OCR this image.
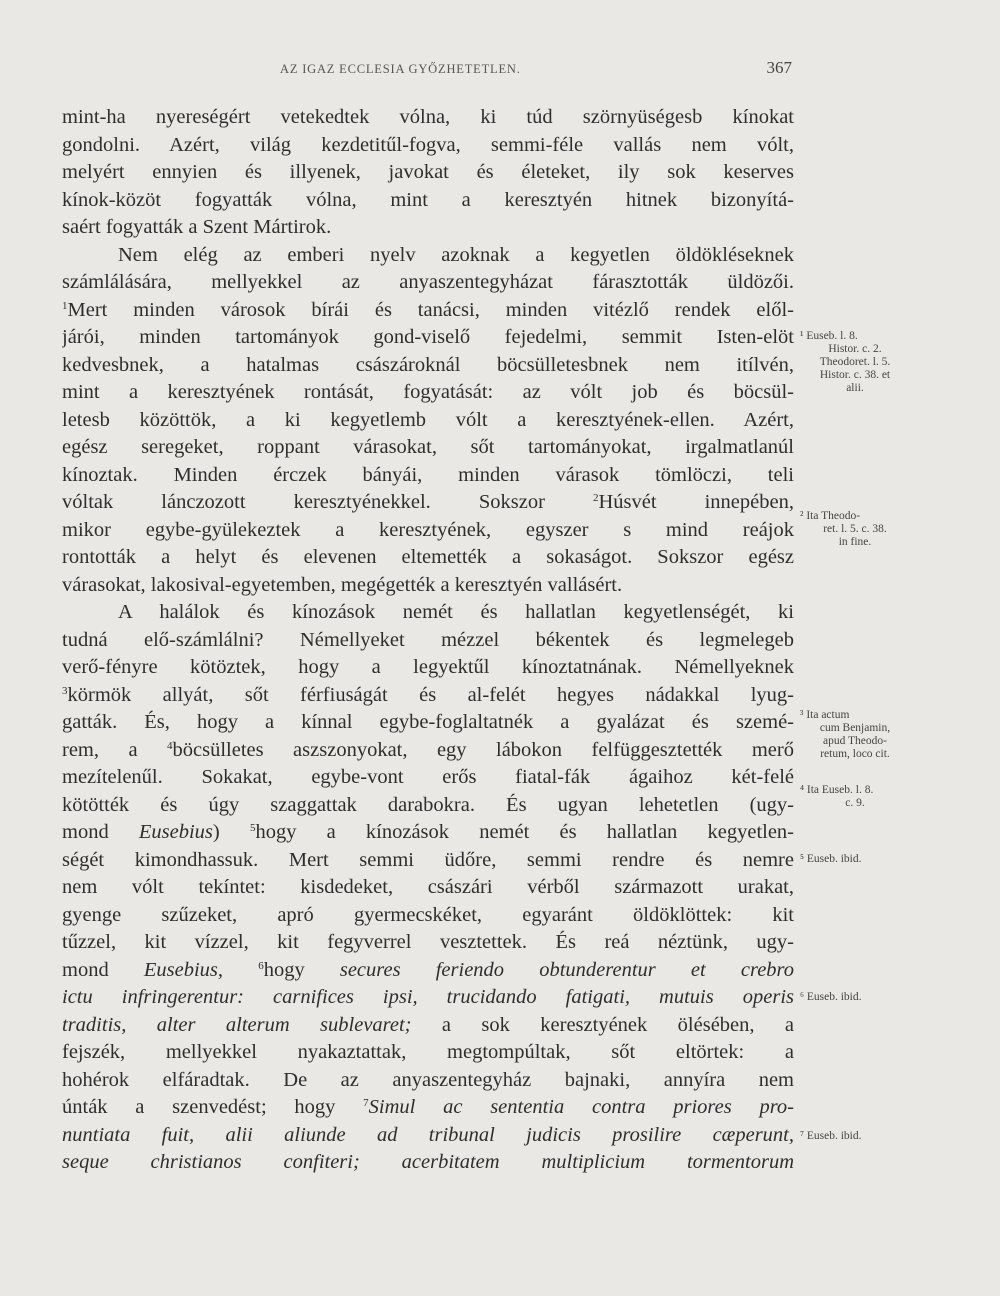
AZ IGAZ ECCLESIA GYŐZHETETLEN.	367
mint-ha nyereségért vetekedtek vólna, ki túd szörnyüségesb kínokat
gondolni. Azért, világ kezdetitűl-fogva, semmi-féle vallás nem vólt,
melyért ennyien és illyenek, javokat és életeket, ily sok keserves
kínok-közöt fogyatták vólna, mint a keresztyén hitnek bizonyítá-
saért fogyatták a Szent Mártirok.
Nem elég az emberi nyelv azoknak a kegyetlen öldökléseknek
számlálására, mellyekkel az anyaszentegyházat fárasztották üldözői.
$^1$Mert minden városok bírái és tanácsi, minden vitézlő rendek elől-
járói, minden tartományok gond-viselő fejedelmi, semmit Isten-elöt
kedvesbnek, a hatalmas császároknál böcsülletesbnek nem itílvén,
mint a keresztyének rontását, fogyatását: az vólt job és böcsül-
letesb közöttök, a ki kegyetlemb vólt a keresztyének-ellen. Azért,
egész seregeket, roppant várasokat, sőt tartományokat, irgalmatlanúl
kínoztak. Minden érczek bányái, minden várasok tömlöczi, teli
vóltak lánczozott keresztyénekkel. Sokszor $^2$Húsvét innepében,
mikor egybe-gyülekeztek a keresztyének, egyszer s mind reájok
rontották a helyt és elevenen eltemették a sokaságot. Sokszor egész
várasokat, lakosival-egyetemben, megégették a keresztyén vallásért.
A halálok és kínozások nemét és hallatlan kegyetlenségét, ki
tudná elő-számlálni? Némellyeket mézzel békentek és legmelegeb
verő-fényre kötöztek, hogy a legyektűl kínoztatnának. Némellyeknek
$^3$körmök allyát, sőt férfiuságát és al-felét hegyes nádakkal lyug-
gatták. És, hogy a kínnal egybe-foglaltatnék a gyalázat és szemé-
rem, a $^4$böcsülletes aszszonyokat, egy lábokon felfüggesztették merő
mezítelenűl. Sokakat, egybe-vont erős fiatal-fák ágaihoz két-felé
kötötték és úgy szaggattak darabokra. És ugyan lehetetlen (ugy-
mond Eusebius) $^5$hogy a kínozások nemét és hallatlan kegyetlen-
ségét kimondhassuk. Mert semmi üdőre, semmi rendre és nemre
nem vólt tekíntet: kisdedeket, császári vérből származott urakat,
gyenge szűzeket, apró gyermecskéket, egyaránt öldöklöttek: kit
tűzzel, kit vízzel, kit fegyverrel vesztettek. És reá néztünk, ugy-
mond Eusebius,	$^6$hogy secures feriendo obtunderentur et crebro
ictu infringerentur: carnifices ipsi, trucidando fatigati, mutuis operis
traditis, alter alterum sublevaret; a sok keresztyének ölésében, a
fejszék, mellyekkel nyakaztattak, megtompúltak, sőt eltörtek: a
hohérok elfáradtak. De az anyaszentegyház bajnaki, annyíra nem
únták a szenvedést; hogy $^7$Simul ac sententia contra priores pro-
nuntiata fuit, alii aliunde ad tribunal judicis prosilire cæperunt,
seque christianos confiteri; acerbitatem multiplicium tormentorum
¹ Euseb. l. 8.
Histor. c. 2.
Theodoret. l. 5.
Histor. c. 38. et
alii.
² Ita Theodo-
ret. l. 5. c. 38.
in fine.
³ Ita actum
cum Benjamin,
apud Theodo-
retum, loco cit.
⁴ Ita Euseb. l. 8.
c. 9.
⁵ Euseb. ibid.
⁶ Euseb. ibid.
⁷ Euseb. ibid.
